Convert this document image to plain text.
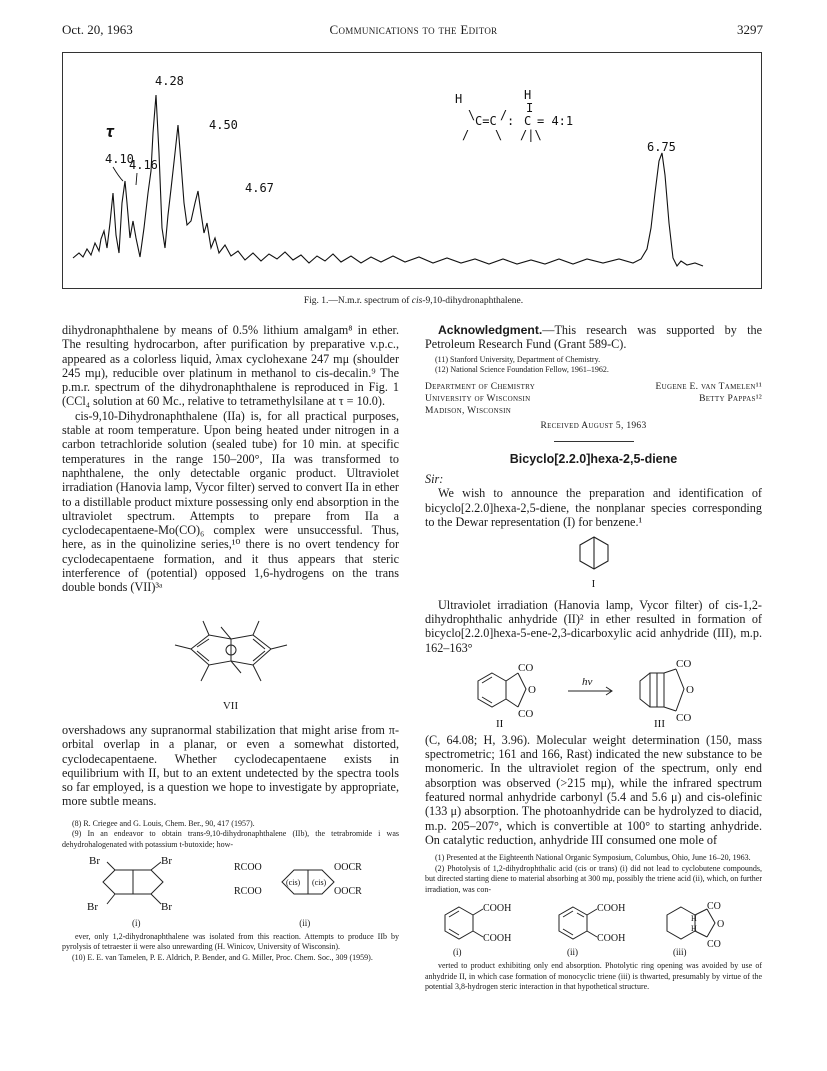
Oct. 20, 1963	Communications to the Editor	3297
4.28
4.50
4.10
4.16
4.67
6.75
τ
H	H
\ / I
C=C : C = 4:1
/ \ /|\
Fig. 1.—N.m.r. spectrum of cis-9,10-dihydronaphthalene.

dihydronaphthalene by means of 0.5% lithium amalgam⁸ in ether. The resulting hydrocarbon, after purification by preparative v.p.c., appeared as a colorless liquid, λmax cyclohexane 247 mμ (shoulder 245 mμ), reducible over platinum in methanol to cis-decalin.⁹ The p.m.r. spectrum of the dihydronaphthalene is reproduced in Fig. 1 (CCl₄ solution at 60 Mc., relative to tetramethylsilane at τ = 10.0).

cis-9,10-Dihydronaphthalene (IIa) is, for all practical purposes, stable at room temperature. Upon being heated under nitrogen in a carbon tetrachloride solution (sealed tube) for 10 min. at specific temperatures in the range 150–200°, IIa was transformed to naphthalene, the only detectable organic product. Ultraviolet irradiation (Hanovia lamp, Vycor filter) served to convert IIa in ether to a distillable product mixture possessing only end absorption in the ultraviolet spectrum. Attempts to prepare from IIa a cyclodecapentaene-Mo(CO)₆ complex were unsuccessful. Thus, here, as in the quinolizine series,¹⁰ there is no overt tendency for cyclodecapentaene formation, and it thus appears that steric interference of (potential) opposed 1,6-hydrogens on the trans double bonds (VII)³ᵃ

VII

overshadows any supranormal stabilization that might arise from π-orbital overlap in a planar, or even a somewhat distorted, cyclodecapentaene. Whether cyclodecapentaene exists in equilibrium with II, but to an extent undetected by the spectra tools so far employed, is a question we hope to investigate by appropriate, more subtle means.

(8) R. Criegee and G. Louis, Chem. Ber., 90, 417 (1957).

(9) In an endeavor to obtain trans-9,10-dihydronaphthalene (IIb), the tetrabromide i was dehydrohalogenated with potassium t-butoxide; how-

Br	Br
Br	Br
(i)
RCOO
RCOO
OOCR
OOCR
(cis) (cis)
(ii)

ever, only 1,2-dihydronaphthalene was isolated from this reaction. Attempts to produce IIb by pyrolysis of tetraester ii were also unrewarding (H. Winicov, University of Wisconsin).

(10) E. E. van Tamelen, P. E. Aldrich, P. Bender, and G. Miller, Proc. Chem. Soc., 309 (1959).

Acknowledgment.—This research was supported by the Petroleum Research Fund (Grant 589-C).

(11) Stanford University, Department of Chemistry.

(12) National Science Foundation Fellow, 1961–1962.

Department of Chemistry	Eugene E. van Tamelen¹¹
University of Wisconsin	Betty Pappas¹²
Madison, Wisconsin
Received August 5, 1963
Bicyclo[2.2.0]hexa-2,5-diene

Sir:

We wish to announce the preparation and identification of bicyclo[2.2.0]hexa-2,5-diene, the nonplanar species corresponding to the Dewar representation (I) for benzene.¹

I

Ultraviolet irradiation (Hanovia lamp, Vycor filter) of cis-1,2-dihydrophthalic anhydride (II)² in ether resulted in formation of bicyclo[2.2.0]hexa-5-ene-2,3-dicarboxylic acid anhydride (III), m.p. 162–163°

CO
O
CO
CO
O
CO
hν
II	III

(C, 64.08; H, 3.96). Molecular weight determination (150, mass spectrometric; 161 and 166, Rast) indicated the new substance to be monomeric. In the ultraviolet region of the spectrum, only end absorption was observed (>215 mμ), while the infrared spectrum featured normal anhydride carbonyl (5.4 and 5.6 μ) and cis-olefinic (133 μ) absorption. The photoanhydride can be hydrolyzed to diacid, m.p. 205–207°, which is convertible at 100° to starting anhydride. On catalytic reduction, anhydride III consumed one mole of

(1) Presented at the Eighteenth National Organic Symposium, Columbus, Ohio, June 16–20, 1963.

(2) Photolysis of 1,2-dihydrophthalic acid (cis or trans) (i) did not lead to cyclobutene compounds, but directed starting diene to material absorbing at 300 mμ, possibly the triene acid (ii), which, on further irradiation, was con-

COOH
COOH
COOH
COOH
CO
O
CO
H
H
(i)	(ii)	(iii)

verted to product exhibiting only end absorption. Photolytic ring opening was avoided by use of anhydride II, in which case formation of monocyclic triene (iii) is thwarted, presumably by virtue of the potential 3,8-hydrogen steric interaction in that hypothetical structure.
